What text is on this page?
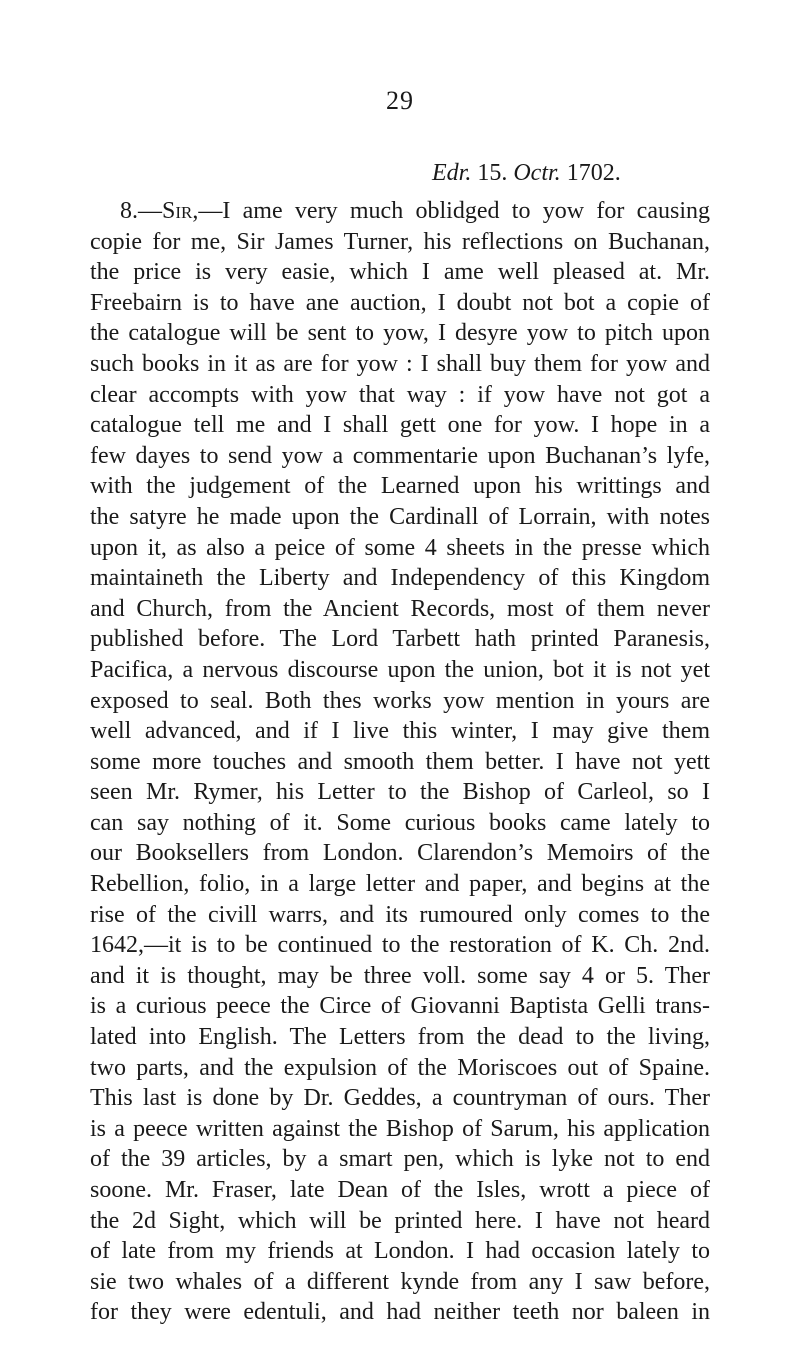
29
Edr. 15. Octr. 1702.
8.—Sir,—I ame very much oblidged to yow for causing
copie for me, Sir James Turner, his reflections on Buchanan,
the price is very easie, which I ame well pleased at. Mr.
Freebairn is to have ane auction, I doubt not bot a copie of
the catalogue will be sent to yow, I desyre yow to pitch upon
such books in it as are for yow : I shall buy them for yow and
clear accompts with yow that way : if yow have not got a
catalogue tell me and I shall gett one for yow. I hope in a
few dayes to send yow a commentarie upon Buchanan’s lyfe,
with the judgement of the Learned upon his writtings and
the satyre he made upon the Cardinall of Lorrain, with notes
upon it, as also a peice of some 4 sheets in the presse which
maintaineth the Liberty and Independency of this Kingdom
and Church, from the Ancient Records, most of them never
published before. The Lord Tarbett hath printed Paranesis,
Pacifica, a nervous discourse upon the union, bot it is not yet
exposed to seal. Both thes works yow mention in yours are
well advanced, and if I live this winter, I may give them
some more touches and smooth them better. I have not yett
seen Mr. Rymer, his Letter to the Bishop of Carleol, so I
can say nothing of it. Some curious books came lately to
our Booksellers from London. Clarendon’s Memoirs of the
Rebellion, folio, in a large letter and paper, and begins at the
rise of the civill warrs, and its rumoured only comes to the
1642,—it is to be continued to the restoration of K. Ch. 2nd.
and it is thought, may be three voll. some say 4 or 5. Ther
is a curious peece the Circe of Giovanni Baptista Gelli trans-
lated into English. The Letters from the dead to the living,
two parts, and the expulsion of the Moriscoes out of Spaine.
This last is done by Dr. Geddes, a countryman of ours. Ther
is a peece written against the Bishop of Sarum, his application
of the 39 articles, by a smart pen, which is lyke not to end
soone. Mr. Fraser, late Dean of the Isles, wrott a piece of
the 2d Sight, which will be printed here. I have not heard
of late from my friends at London. I had occasion lately to
sie two whales of a different kynde from any I saw before,
for they were edentuli, and had neither teeth nor baleen in
